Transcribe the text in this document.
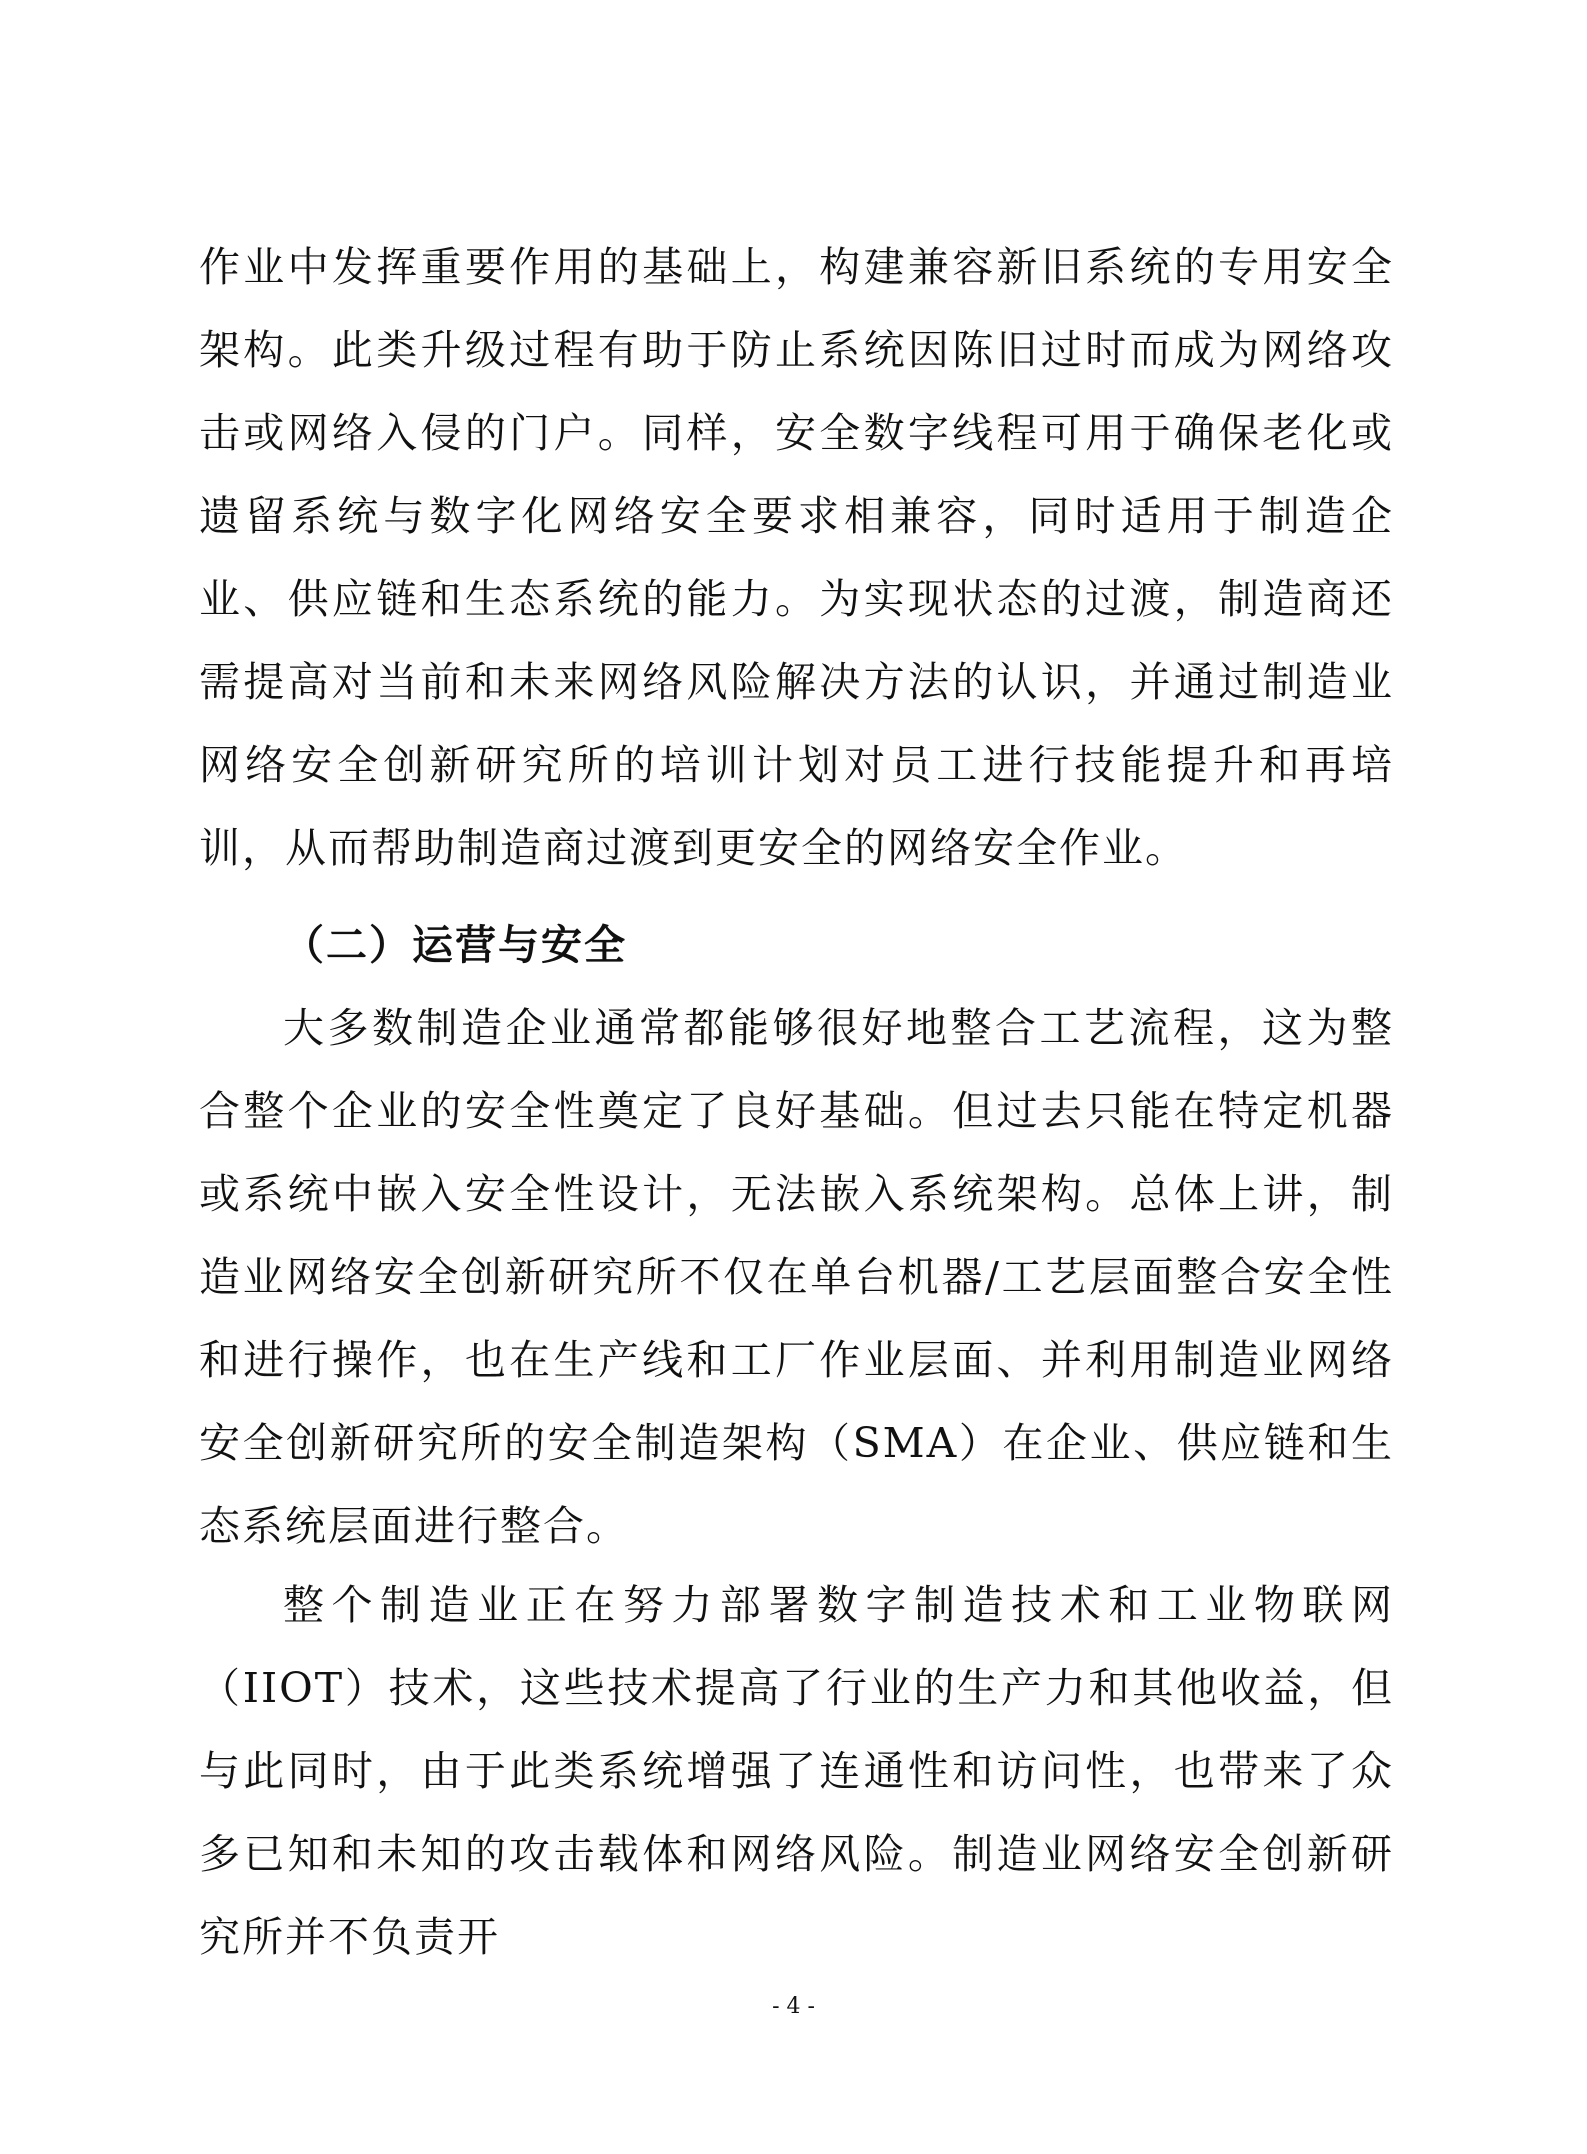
作业中发挥重要作用的基础上，构建兼容新旧系统的专用安全架构。此类升级过程有助于防止系统因陈旧过时而成为网络攻击或网络入侵的门户。同样，安全数字线程可用于确保老化或遗留系统与数字化网络安全要求相兼容，同时适用于制造企业、供应链和生态系统的能力。为实现状态的过渡，制造商还需提高对当前和未来网络风险解决方法的认识，并通过制造业网络安全创新研究所的培训计划对员工进行技能提升和再培训，从而帮助制造商过渡到更安全的网络安全作业。

（二）运营与安全

大多数制造企业通常都能够很好地整合工艺流程，这为整合整个企业的安全性奠定了良好基础。但过去只能在特定机器或系统中嵌入安全性设计，无法嵌入系统架构。总体上讲，制造业网络安全创新研究所不仅在单台机器/工艺层面整合安全性和进行操作，也在生产线和工厂作业层面、并利用制造业网络安全创新研究所的安全制造架构（SMA）在企业、供应链和生态系统层面进行整合。

整个制造业正在努力部署数字制造技术和工业物联网（IIOT）技术，这些技术提高了行业的生产力和其他收益，但与此同时，由于此类系统增强了连通性和访问性，也带来了众多已知和未知的攻击载体和网络风险。制造业网络安全创新研究所并不负责开

- 4 -
